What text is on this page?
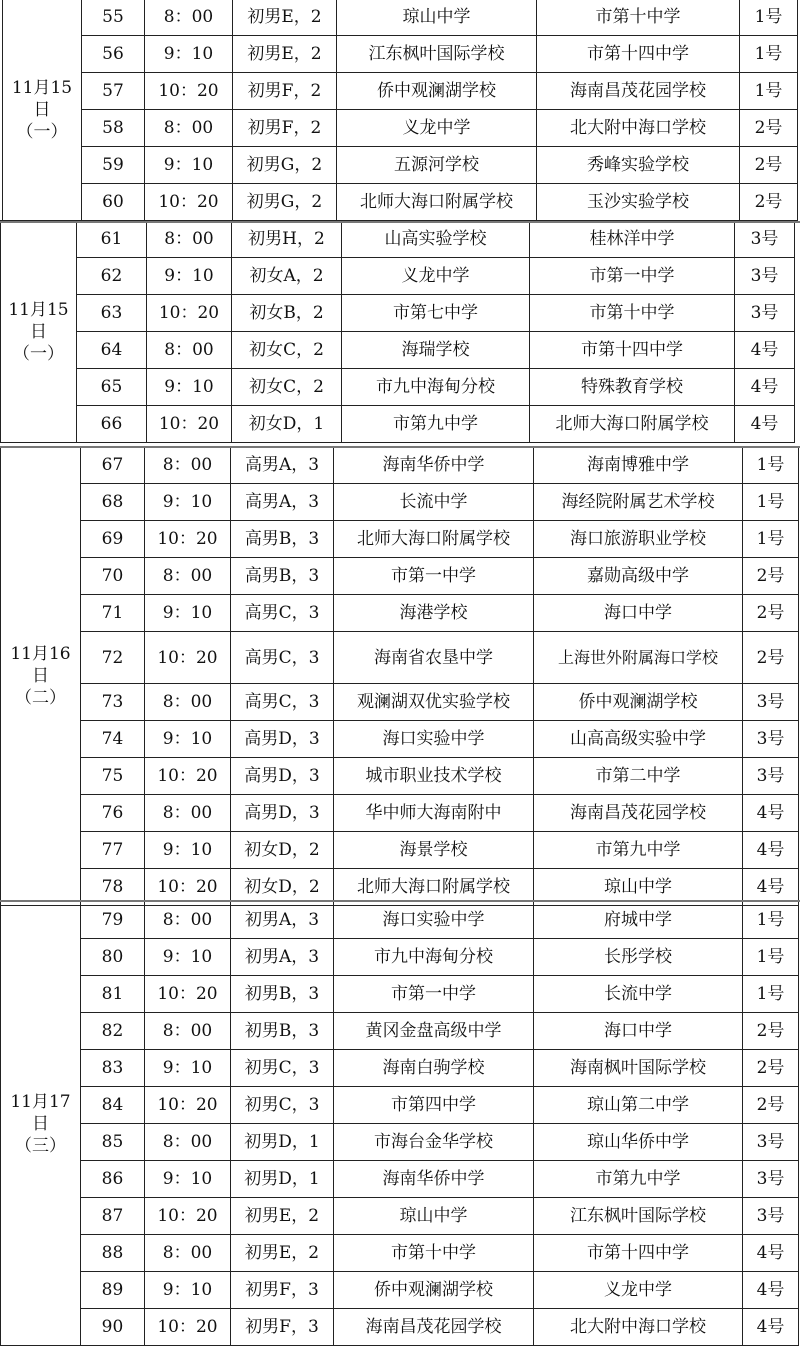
11月15
日
（一）	55	8：00	初男E，2	琼山中学	市第十中学	1号
	56	9：10	初男E，2	江东枫叶国际学校	市第十四中学	1号
	57	10：20	初男F，2	侨中观澜湖学校	海南昌茂花园学校	1号
	58	8：00	初男F，2	义龙中学	北大附中海口学校	2号
	59	9：10	初男G，2	五源河学校	秀峰实验学校	2号
	60	10：20	初男G，2	北师大海口附属学校	玉沙实验学校	2号
11月15
日
（一）	61	8：00	初男H，2	山高实验学校	桂林洋中学	3号
	62	9：10	初女A，2	义龙中学	市第一中学	3号
	63	10：20	初女B，2	市第七中学	市第十中学	3号
	64	8：00	初女C，2	海瑞学校	市第十四中学	4号
	65	9：10	初女C，2	市九中海甸分校	特殊教育学校	4号
	66	10：20	初女D，1	市第九中学	北师大海口附属学校	4号
11月16
日
（二）	67	8：00	高男A，3	海南华侨中学	海南博雅中学	1号
	68	9：10	高男A，3	长流中学	海经院附属艺术学校	1号
	69	10：20	高男B，3	北师大海口附属学校	海口旅游职业学校	1号
	70	8：00	高男B，3	市第一中学	嘉勋高级中学	2号
	71	9：10	高男C，3	海港学校	海口中学	2号
	72	10：20	高男C，3	海南省农垦中学	上海世外附属海口学校	2号
	73	8：00	高男C，3	观澜湖双优实验学校	侨中观澜湖学校	3号
	74	9：10	高男D，3	海口实验中学	山高高级实验中学	3号
	75	10：20	高男D，3	城市职业技术学校	市第二中学	3号
	76	8：00	高男D，3	华中师大海南附中	海南昌茂花园学校	4号
	77	9：10	初女D，2	海景学校	市第九中学	4号
	78	10：20	初女D，2	北师大海口附属学校	琼山中学	4号
11月17
日
（三）	79	8：00	初男A，3	海口实验中学	府城中学	1号
	80	9：10	初男A，3	市九中海甸分校	长彤学校	1号
	81	10：20	初男B，3	市第一中学	长流中学	1号
	82	8：00	初男B，3	黄冈金盘高级中学	海口中学	2号
	83	9：10	初男C，3	海南白驹学校	海南枫叶国际学校	2号
	84	10：20	初男C，3	市第四中学	琼山第二中学	2号
	85	8：00	初男D，1	市海台金华学校	琼山华侨中学	3号
	86	9：10	初男D，1	海南华侨中学	市第九中学	3号
	87	10：20	初男E，2	琼山中学	江东枫叶国际学校	3号
	88	8：00	初男E，2	市第十中学	市第十四中学	4号
	89	9：10	初男F，3	侨中观澜湖学校	义龙中学	4号
	90	10：20	初男F，3	海南昌茂花园学校	北大附中海口学校	4号
